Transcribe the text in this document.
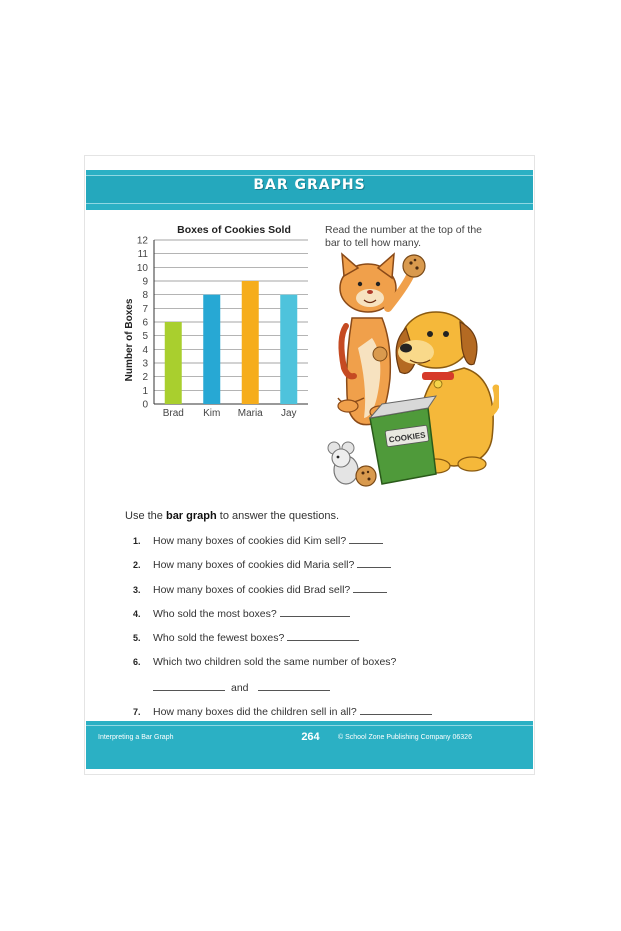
BAR GRAPHS
Boxes of Cookies Sold
Number of Boxes
0
1
2
3
4
5
6
7
8
9
10
11
12
Brad Kim Maria Jay
Read the number at the top of the bar to tell how many.
COOKIES
Use the bar graph to answer the questions.
1. How many boxes of cookies did Kim sell?
2. How many boxes of cookies did Maria sell?
3. How many boxes of cookies did Brad sell?
4. Who sold the most boxes?
5. Who sold the fewest boxes?
6. Which two children sold the same number of boxes?
and
7. How many boxes did the children sell in all?
Interpreting a Bar Graph	264	© School Zone Publishing Company 06326
